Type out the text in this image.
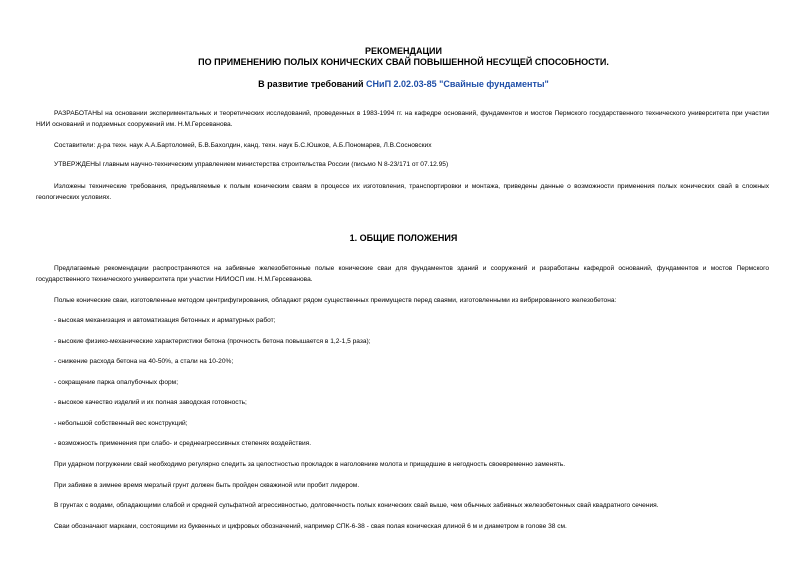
РЕКОМЕНДАЦИИ
ПО ПРИМЕНЕНИЮ ПОЛЫХ КОНИЧЕСКИХ СВАЙ ПОВЫШЕННОЙ НЕСУЩЕЙ СПОСОБНОСТИ.
В развитие требований СНиП 2.02.03-85 "Свайные фундаменты"
РАЗРАБОТАНЫ на основании экспериментальных и теоретических исследований, проведенных в 1983-1994 гг. на кафедре оснований, фундаментов и мостов Пермского государственного технического университета при участии НИИ оснований и подземных сооружений им. Н.М.Герсеванова.
Составители: д-ра техн. наук А.А.Бартоломей, Б.В.Бахолдин, канд. техн. наук Б.С.Юшков, А.Б.Пономарев, Л.В.Сосновских
УТВЕРЖДЕНЫ главным научно-техническим управлением министерства строительства России (письмо N 8-23/171 от 07.12.95)
Изложены технические требования, предъявляемые к полым коническим сваям в процессе их изготовления, транспортировки и монтажа, приведены данные о возможности применения полых конических свай в сложных геологических условиях.
1. ОБЩИЕ ПОЛОЖЕНИЯ
Предлагаемые рекомендации распространяются на забивные железобетонные полые конические сваи для фундаментов зданий и сооружений и разработаны кафедрой оснований, фундаментов и мостов Пермского государственного технического университета при участии НИИОСП им. Н.М.Герсеванова.
Полые конические сваи, изготовленные методом центрифугирования, обладают рядом существенных преимуществ перед сваями, изготовленными из вибрированного железобетона:
- высокая механизация и автоматизация бетонных и арматурных работ;
- высокие физико-механические характеристики бетона (прочность бетона повышается в 1,2-1,5 раза);
- снижение расхода бетона на 40-50%, а стали на 10-20%;
- сокращение парка опалубочных форм;
- высокое качество изделий и их полная заводская готовность;
- небольшой собственный вес конструкций;
- возможность применения при слабо- и среднеагрессивных степенях воздействия.
При ударном погружении свай необходимо регулярно следить за целостностью прокладок в наголовнике молота и прищедшие в негодность своевременно заменять.
При забивке в зимнее время мерзлый грунт должен быть пройден скважиной или пробит лидером.
В грунтах с водами, обладающими слабой и средней сульфатной агрессивностью, долговечность полых конических свай выше, чем обычных забивных железобетонных свай квадратного сечения.
Сваи обозначают марками, состоящими из буквенных и цифровых обозначений, например СПК-6-38 - свая полая коническая длиной 6 м и диаметром в голове 38 см.
